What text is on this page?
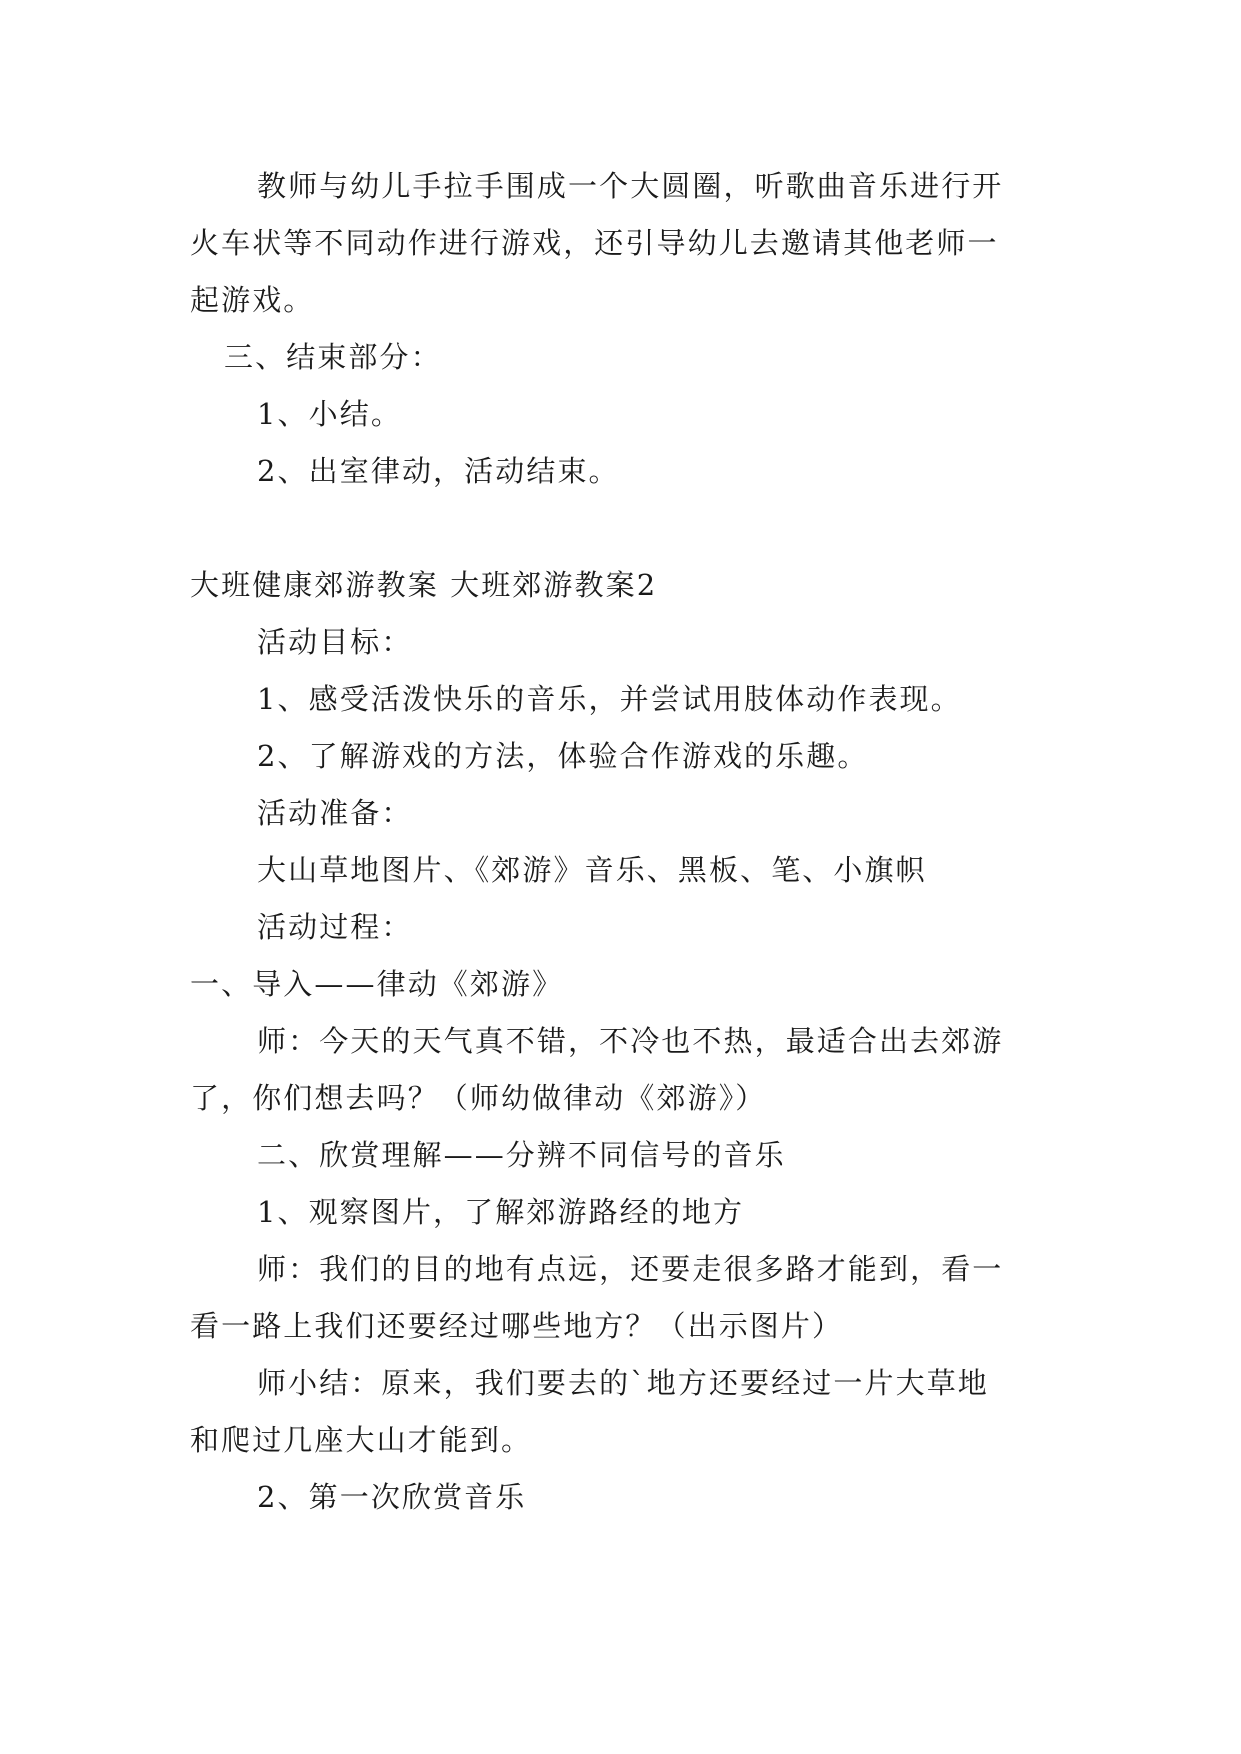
教师与幼儿手拉手围成一个大圆圈，听歌曲音乐进行开
火车状等不同动作进行游戏，还引导幼儿去邀请其他老师一
起游戏。
三、结束部分：
1、小结。
2、出室律动，活动结束。
大班健康郊游教案 大班郊游教案2
活动目标：
1、感受活泼快乐的音乐，并尝试用肢体动作表现。
2、了解游戏的方法，体验合作游戏的乐趣。
活动准备：
大山草地图片、《郊游》音乐、黑板、笔、小旗帜
活动过程：
一、导入——律动《郊游》
师：今天的天气真不错，不冷也不热，最适合出去郊游
了，你们想去吗？（师幼做律动《郊游》）
二、欣赏理解——分辨不同信号的音乐
1、观察图片，了解郊游路经的地方
师：我们的目的地有点远，还要走很多路才能到，看一
看一路上我们还要经过哪些地方？（出示图片）
师小结：原来，我们要去的`地方还要经过一片大草地
和爬过几座大山才能到。
2、第一次欣赏音乐
